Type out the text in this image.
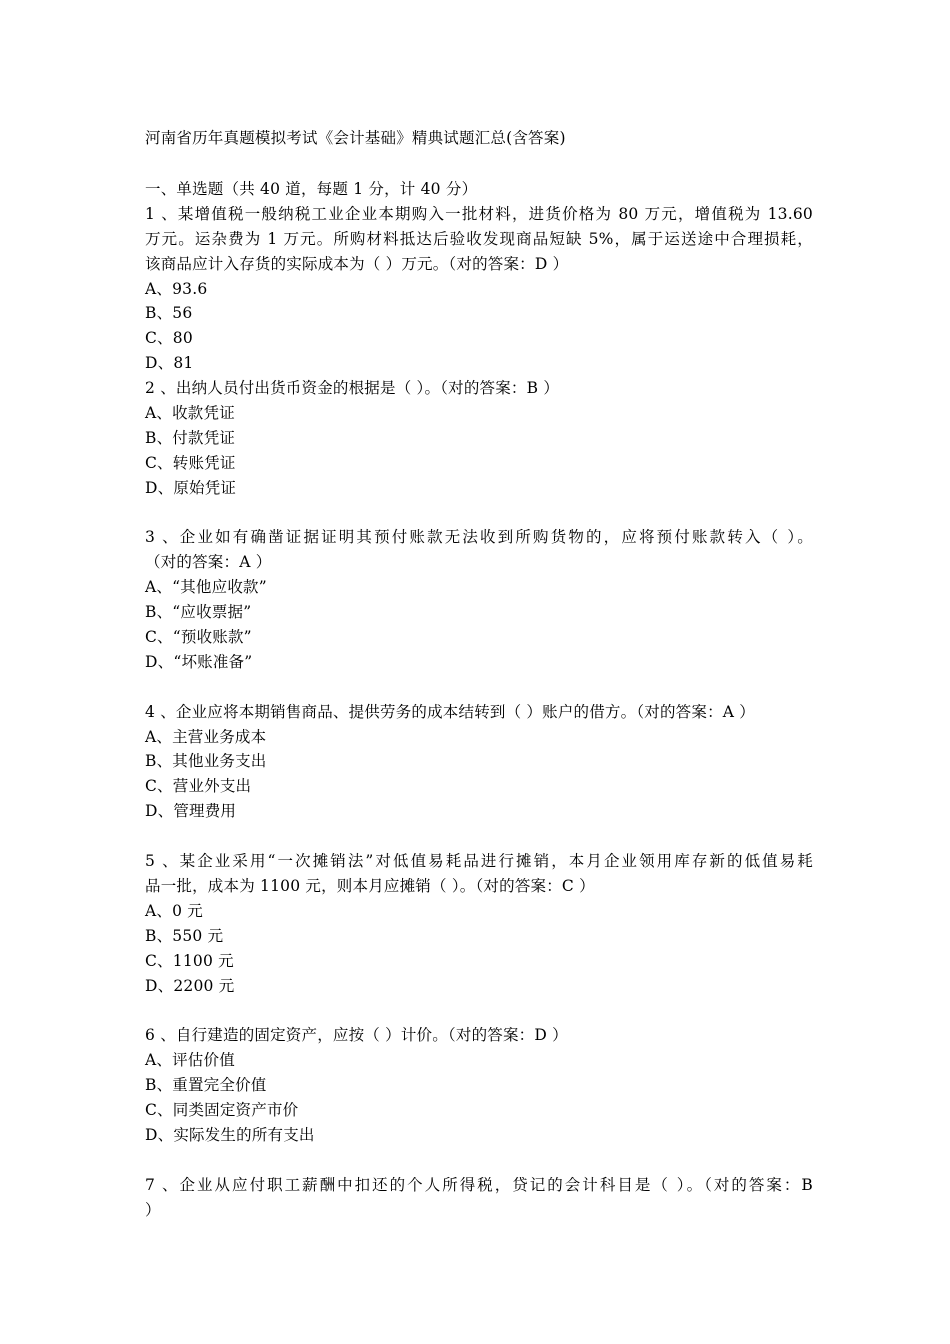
河南省历年真题模拟考试《会计基础》精典试题汇总(含答案)
一、单选题（共 40 道，每题 1 分，计 40 分）
1 、某增值税一般纳税工业企业本期购入一批材料，进货价格为 80 万元，增值税为 13.60
万元。运杂费为 1 万元。所购材料抵达后验收发现商品短缺 5%，属于运送途中合理损耗，
该商品应计入存货的实际成本为（ ）万元。（对的答案：D ）
A、93.6
B、56
C、80
D、81
2 、出纳人员付出货币资金的根据是（ ）。（对的答案：B ）
A、收款凭证
B、付款凭证
C、转账凭证
D、原始凭证
3 、企业如有确凿证据证明其预付账款无法收到所购货物的，应将预付账款转入（ ）。
（对的答案：A ）
A、“其他应收款”
B、“应收票据”
C、“预收账款”
D、“坏账准备”
4 、企业应将本期销售商品、提供劳务的成本结转到（ ）账户的借方。（对的答案：A ）
A、主营业务成本
B、其他业务支出
C、营业外支出
D、管理费用
5 、某企业采用“一次摊销法”对低值易耗品进行摊销，本月企业领用库存新的低值易耗
品一批，成本为 1100 元，则本月应摊销（ ）。（对的答案：C ）
A、0 元
B、550 元
C、1100 元
D、2200 元
6 、自行建造的固定资产，应按（ ）计价。（对的答案：D ）
A、评估价值
B、重置完全价值
C、同类固定资产市价
D、实际发生的所有支出
7 、企业从应付职工薪酬中扣还的个人所得税，贷记的会计科目是（ ）。（对的答案：B
）
